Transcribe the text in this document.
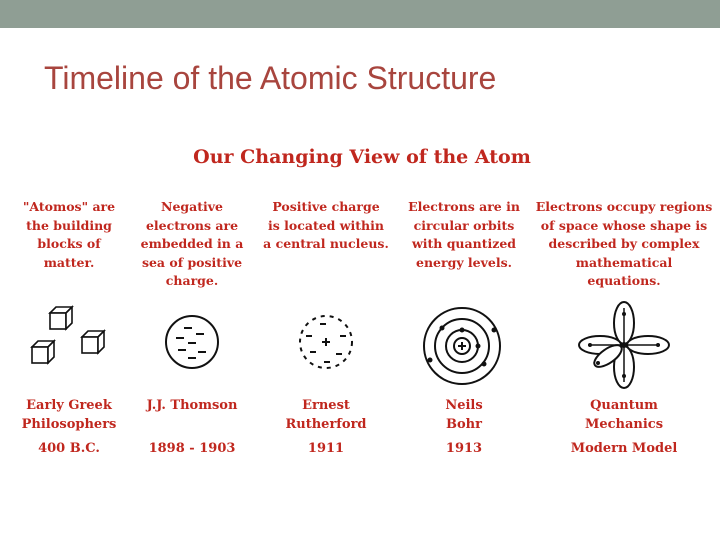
Timeline of the Atomic Structure
Our Changing View of the Atom
"Atomos" are
the building
blocks of
matter.
Early Greek
Philosophers
400 B.C.
Negative
electrons are
embedded in a
sea of positive
charge.
J.J. Thomson
1898 - 1903
Positive charge
is located within
a central nucleus.
Ernest
Rutherford
1911
Electrons are in
circular orbits
with quantized
energy levels.
Neils
Bohr
1913
Electrons occupy regions
of space whose shape is
described by complex
mathematical
equations.
Quantum
Mechanics
Modern Model
